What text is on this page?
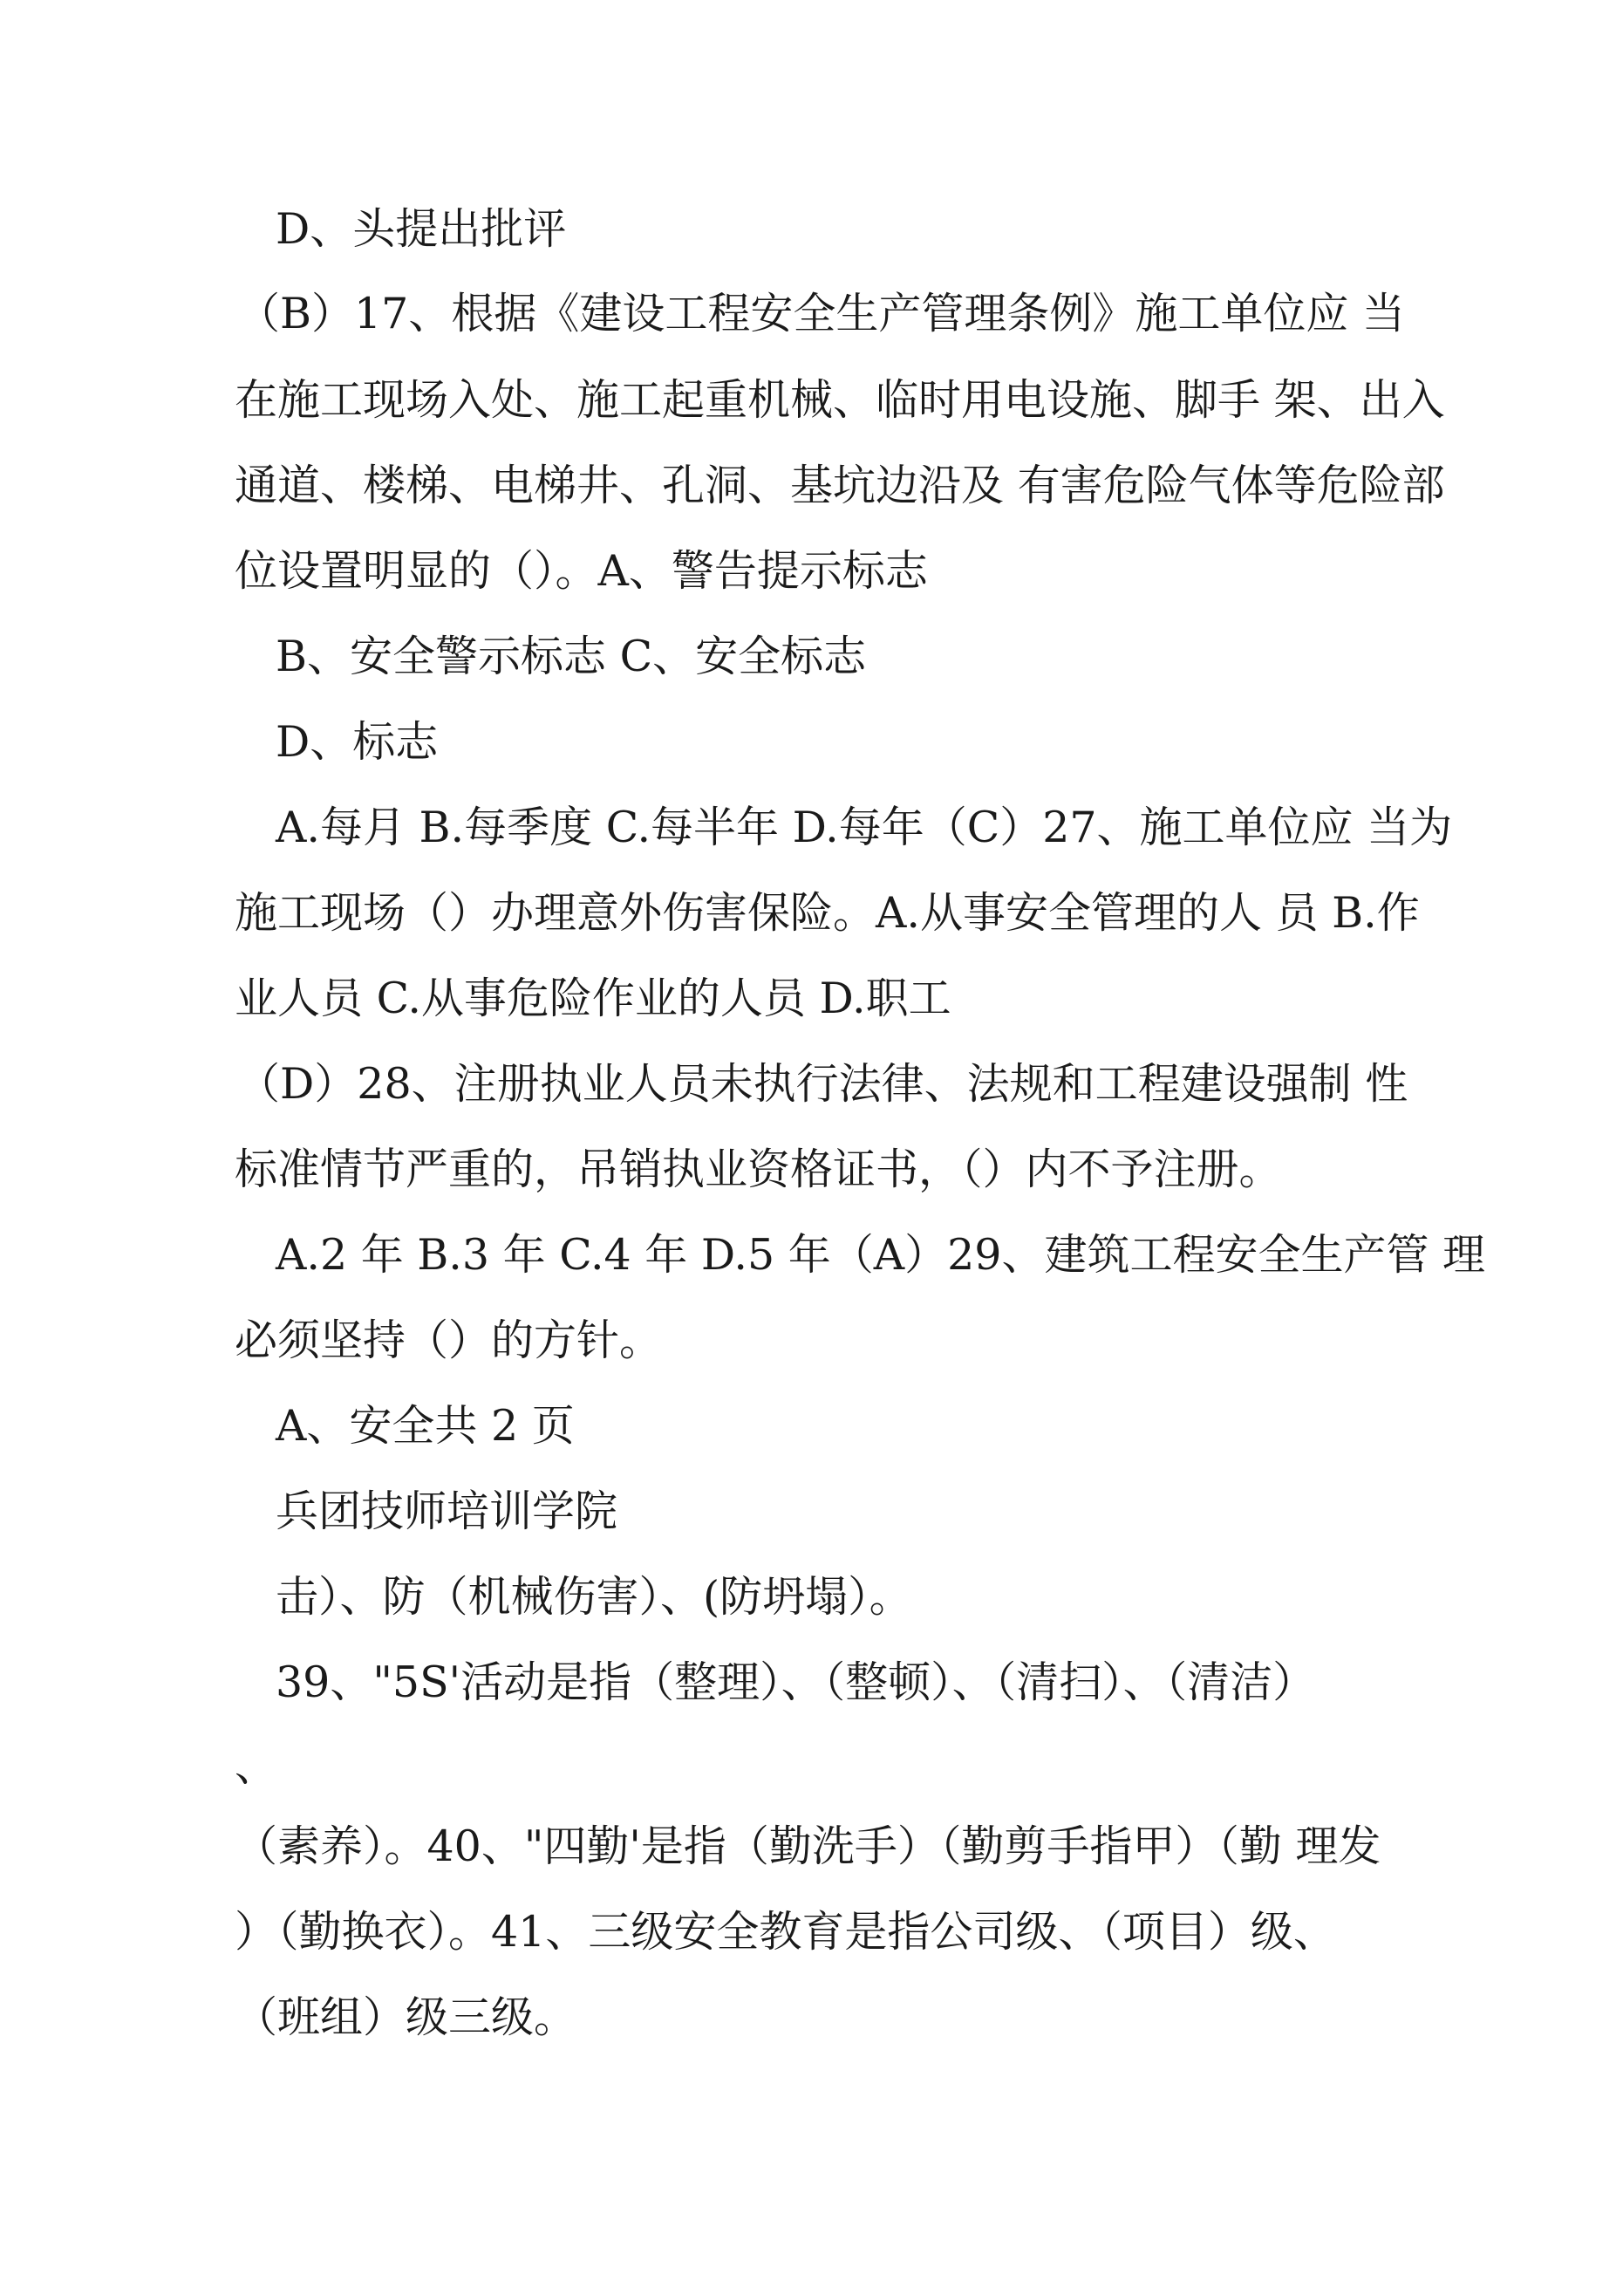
D、头提出批评
（B）17、根据《建设工程安全生产管理条例》施工单位应 当
在施工现场入处、施工起重机械、临时用电设施、脚手 架、出入
通道、楼梯、电梯井、孔洞、基坑边沿及 有害危险气体等危险部
位设置明显的（）。A、警告提示标志
B、安全警示标志 C、安全标志
D、标志
A.每月 B.每季度 C.每半年 D.每年（C）27、施工单位应 当为
施工现场（）办理意外伤害保险。A.从事安全管理的人 员 B.作
业人员 C.从事危险作业的人员 D.职工
（D）28、注册执业人员未执行法律、法规和工程建设强制 性
标准情节严重的，吊销执业资格证书，（）内不予注册。
A.2 年 B.3 年 C.4 年 D.5 年（A）29、建筑工程安全生产管 理
必须坚持（）的方针。
A、安全共 2 页
兵团技师培训学院
击）、防（机械伤害）、(防坍塌）。
39、"5S'活动是指（整理）、（整顿）、（清扫）、（清洁）
、
（素养）。40、"四勤'是指（勤洗手）（勤剪手指甲）（勤 理发
）（勤换衣）。41、三级安全教育是指公司级、（项目）级、
（班组）级三级。
